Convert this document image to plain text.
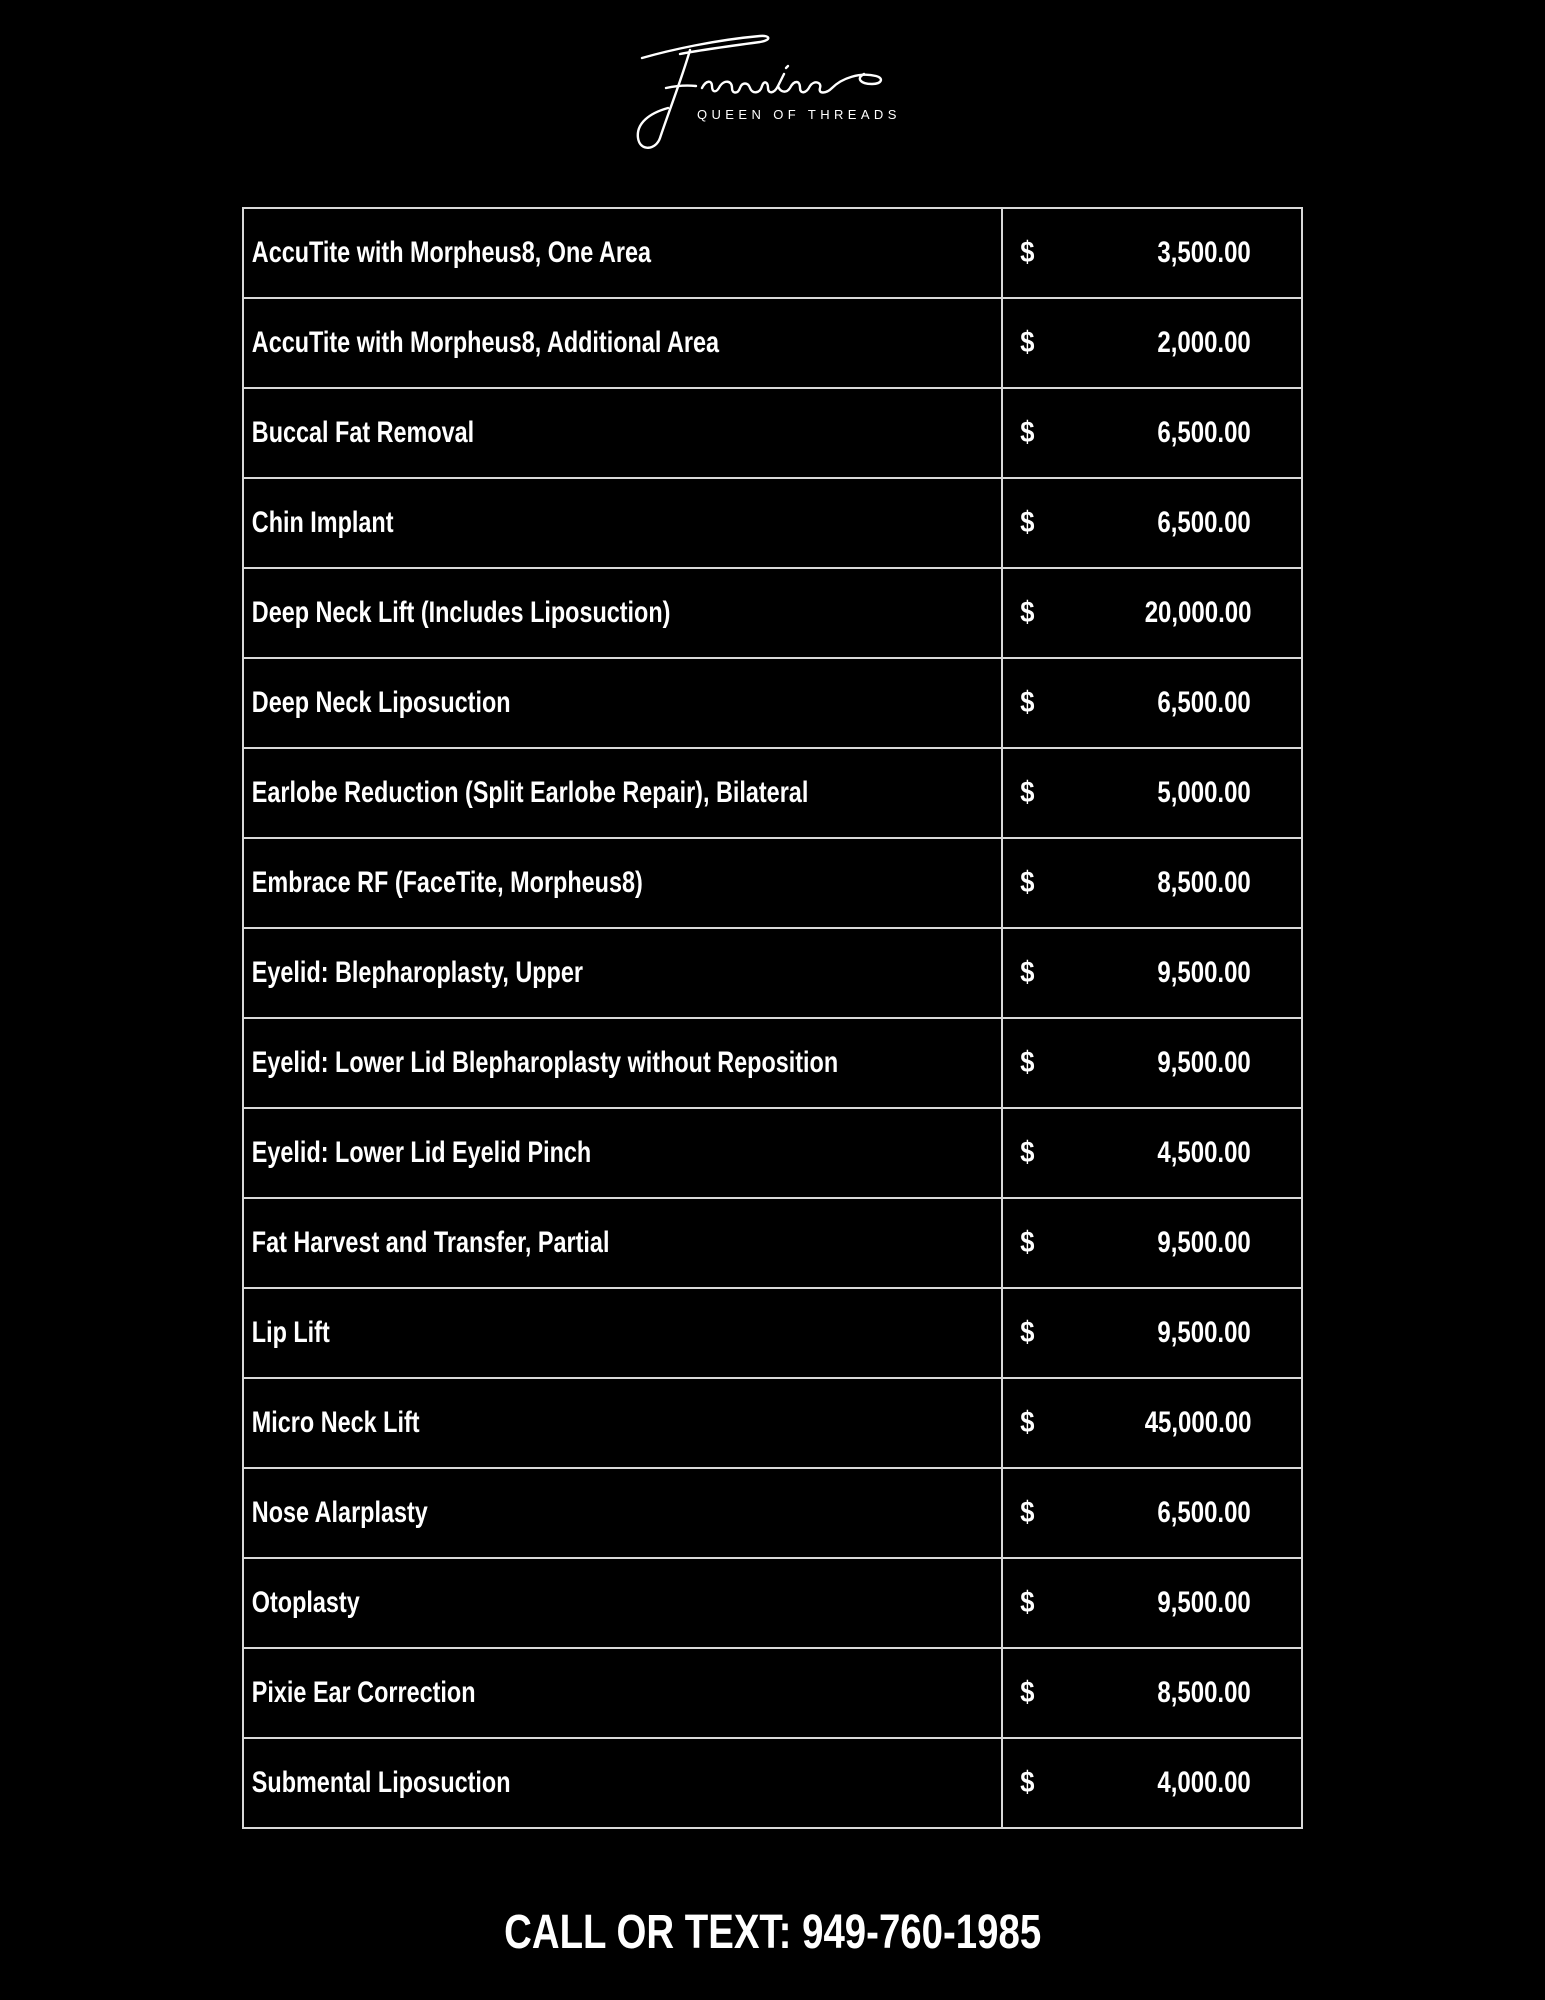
QUEEN OF THREADS
AccuTite with Morpheus8, One Area	$ 3,500.00

AccuTite with Morpheus8, Additional Area	$ 2,000.00

Buccal Fat Removal	$ 6,500.00

Chin Implant	$ 6,500.00

Deep Neck Lift (Includes Liposuction)	$ 20,000.00

Deep Neck Liposuction	$ 6,500.00

Earlobe Reduction (Split Earlobe Repair), Bilateral	$ 5,000.00

Embrace RF (FaceTite, Morpheus8)	$ 8,500.00

Eyelid: Blepharoplasty, Upper	$ 9,500.00

Eyelid: Lower Lid Blepharoplasty without Reposition	$ 9,500.00

Eyelid: Lower Lid Eyelid Pinch	$ 4,500.00

Fat Harvest and Transfer, Partial	$ 9,500.00

Lip Lift	$ 9,500.00

Micro Neck Lift	$ 45,000.00

Nose Alarplasty	$ 6,500.00

Otoplasty	$ 9,500.00

Pixie Ear Correction	$ 8,500.00

Submental Liposuction	$ 4,000.00
CALL OR TEXT: 949-760-1985
